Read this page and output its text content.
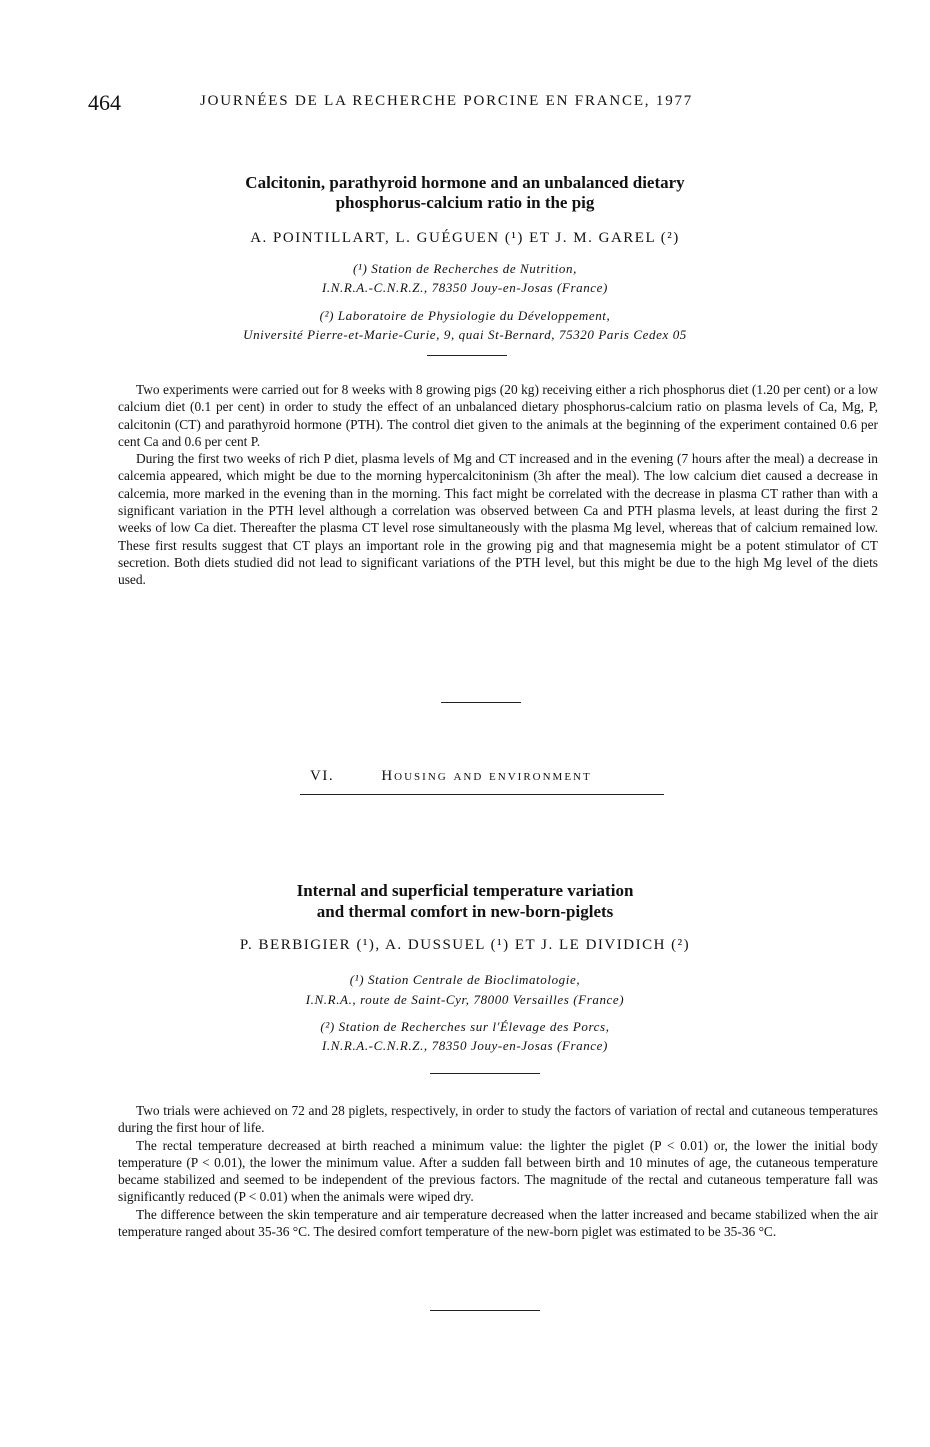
464	JOURNÉES DE LA RECHERCHE PORCINE EN FRANCE, 1977
Calcitonin, parathyroid hormone and an unbalanced dietary
phosphorus-calcium ratio in the pig
A. POINTILLART, L. GUÉGUEN (¹) ET J. M. GAREL (²)
(¹) Station de Recherches de Nutrition,
I.N.R.A.-C.N.R.Z., 78350 Jouy-en-Josas (France)
(²) Laboratoire de Physiologie du Développement,
Université Pierre-et-Marie-Curie, 9, quai St-Bernard, 75320 Paris Cedex 05

Two experiments were carried out for 8 weeks with 8 growing pigs (20 kg) receiving either a rich phosphorus diet (1.20 per cent) or a low calcium diet (0.1 per cent) in order to study the effect of an unbalanced dietary phosphorus-calcium ratio on plasma levels of Ca, Mg, P, calcitonin (CT) and parathyroid hormone (PTH). The control diet given to the animals at the beginning of the experiment contained 0.6 per cent Ca and 0.6 per cent P.

During the first two weeks of rich P diet, plasma levels of Mg and CT increased and in the evening (7 hours after the meal) a decrease in calcemia appeared, which might be due to the morning hypercalcitoninism (3h after the meal). The low calcium diet caused a decrease in calcemia, more marked in the evening than in the morning. This fact might be correlated with the decrease in plasma CT rather than with a significant variation in the PTH level although a correlation was observed between Ca and PTH plasma levels, at least during the first 2 weeks of low Ca diet. Thereafter the plasma CT level rose simultaneously with the plasma Mg level, whereas that of calcium remained low. These first results suggest that CT plays an important role in the growing pig and that magnesemia might be a potent stimulator of CT secretion. Both diets studied did not lead to significant variations of the PTH level, but this might be due to the high Mg level of the diets used.

VI.	Housing and environment
Internal and superficial temperature variation
and thermal comfort in new-born-piglets
P. BERBIGIER (¹), A. DUSSUEL (¹) ET J. LE DIVIDICH (²)
(¹) Station Centrale de Bioclimatologie,
I.N.R.A., route de Saint-Cyr, 78000 Versailles (France)
(²) Station de Recherches sur l'Élevage des Porcs,
I.N.R.A.-C.N.R.Z., 78350 Jouy-en-Josas (France)

Two trials were achieved on 72 and 28 piglets, respectively, in order to study the factors of variation of rectal and cutaneous temperatures during the first hour of life.

The rectal temperature decreased at birth reached a minimum value: the lighter the piglet (P < 0.01) or, the lower the initial body temperature (P < 0.01), the lower the minimum value. After a sudden fall between birth and 10 minutes of age, the cutaneous temperature became stabilized and seemed to be independent of the previous factors. The magnitude of the rectal and cutaneous temperature fall was significantly reduced (P < 0.01) when the animals were wiped dry.

The difference between the skin temperature and air temperature decreased when the latter increased and became stabilized when the air temperature ranged about 35-36 °C. The desired comfort temperature of the new-born piglet was estimated to be 35-36 °C.
